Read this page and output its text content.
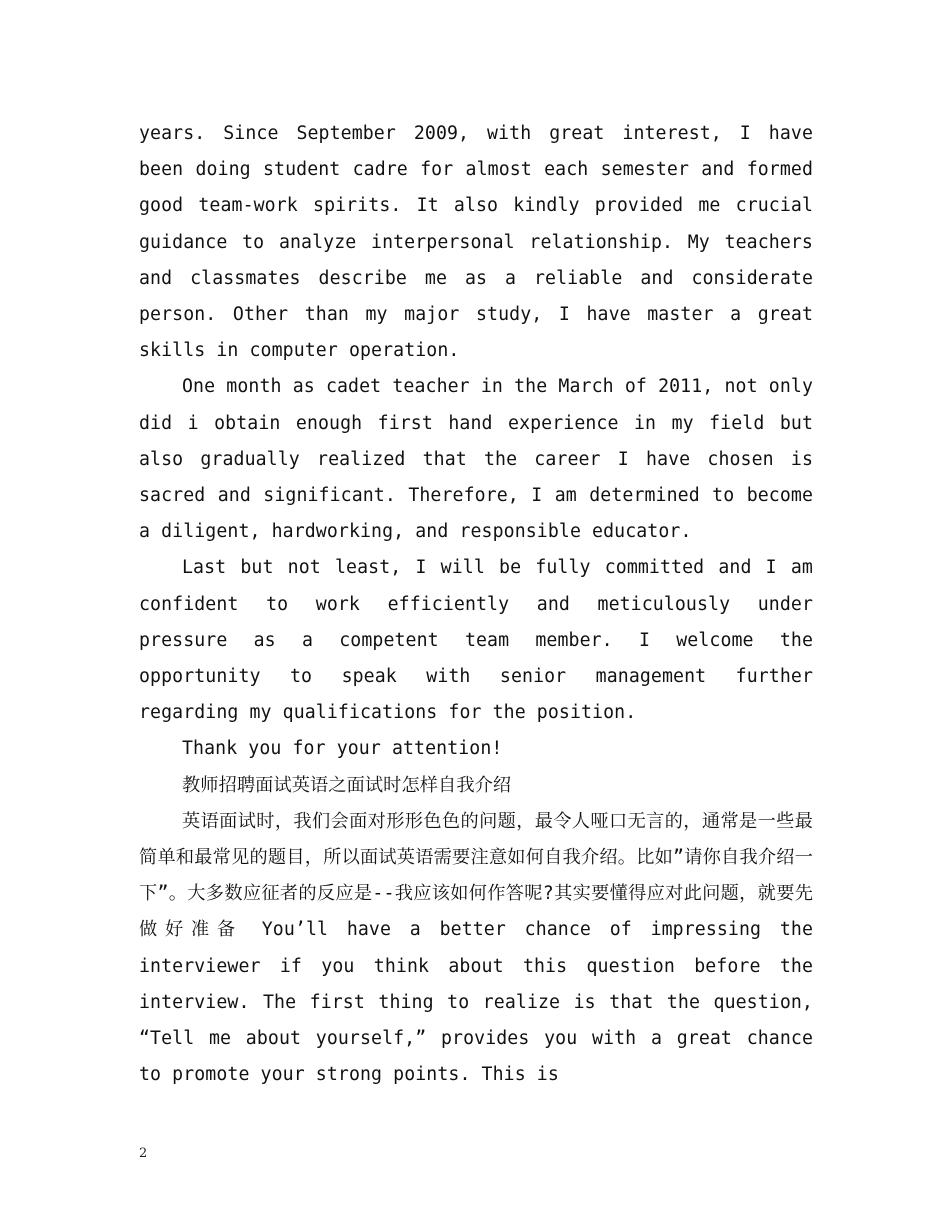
years. Since September 2009, with great interest, I have been doing student cadre for almost each semester and formed good team-work spirits. It also kindly provided me crucial guidance to analyze interpersonal relationship. My teachers and classmates describe me as a reliable and considerate person. Other than my major study, I have master a great skills in computer operation.

One month as cadet teacher in the March of 2011, not only did i obtain enough first hand experience in my field but also gradually realized that the career I have chosen is sacred and significant. Therefore, I am determined to become a diligent, hardworking, and responsible educator.

Last but not least, I will be fully committed and I am confident to work efficiently and meticulously under pressure as a competent team member. I welcome the opportunity to speak with senior management further regarding my qualifications for the position.

Thank you for your attention!

教师招聘面试英语之面试时怎样自我介绍

英语面试时，我们会面对形形色色的问题，最令人哑口无言的，通常是一些最简单和最常见的题目，所以面试英语需要注意如何自我介绍。比如”请你自我介绍一下”。大多数应征者的反应是--我应该如何作答呢?其实要懂得应对此问题，就要先做好准备 You’ll have a better chance of impressing the interviewer if you think about this question before the interview. The first thing to realize is that the question, “Tell me about yourself,” provides you with a great chance to promote your strong points. This is

2
